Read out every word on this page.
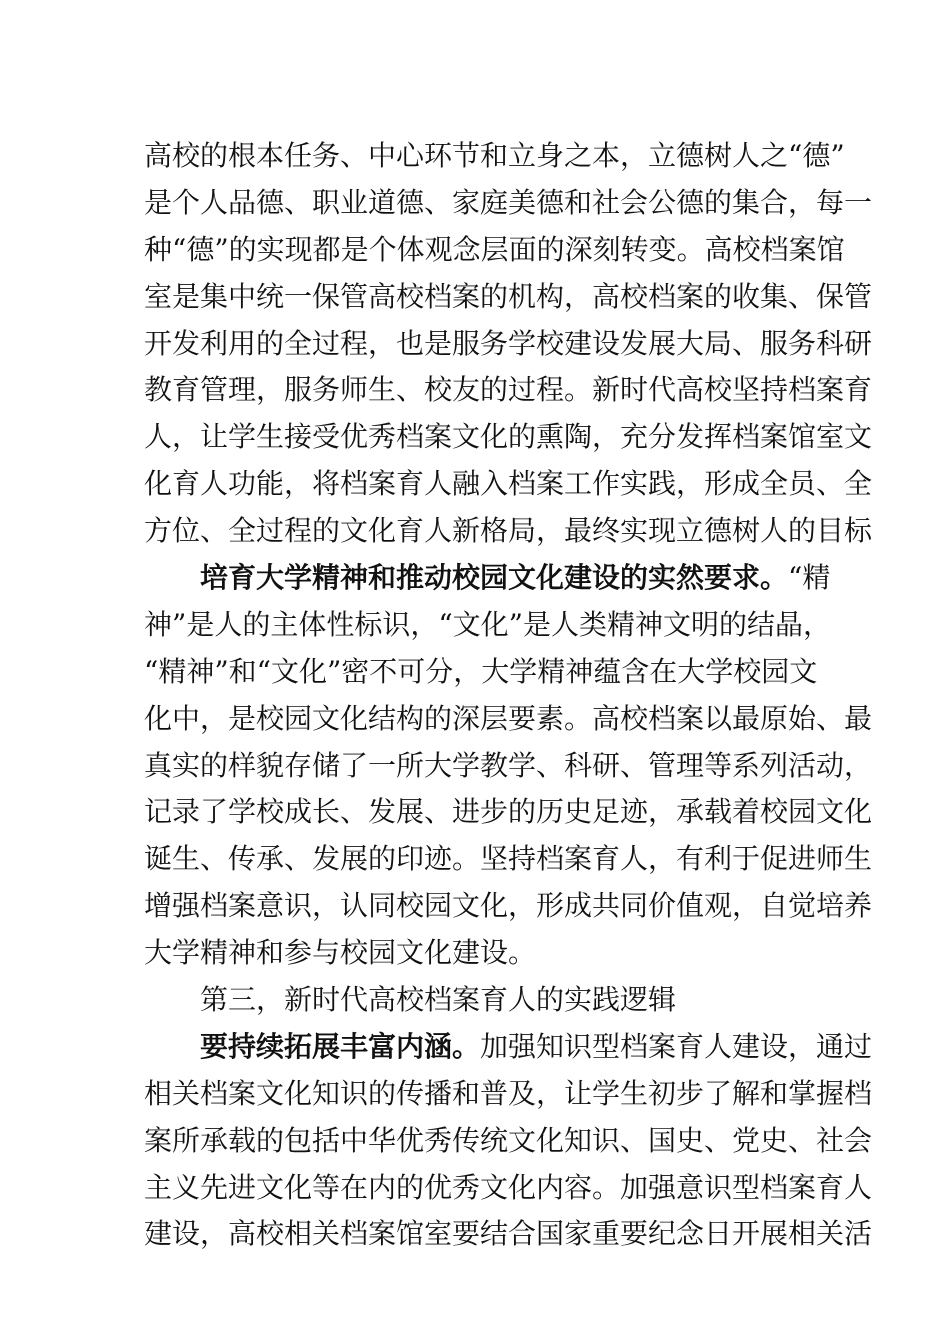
高校的根本任务、中心环节和立身之本，立德树人之“德”
是个人品德、职业道德、家庭美德和社会公德的集合，每一
种“德”的实现都是个体观念层面的深刻转变。高校档案馆
室是集中统一保管高校档案的机构，高校档案的收集、保管
开发利用的全过程，也是服务学校建设发展大局、服务科研
教育管理，服务师生、校友的过程。新时代高校坚持档案育
人，让学生接受优秀档案文化的熏陶，充分发挥档案馆室文
化育人功能，将档案育人融入档案工作实践，形成全员、全
方位、全过程的文化育人新格局，最终实现立德树人的目标
培育大学精神和推动校园文化建设的实然要求。“精
神”是人的主体性标识，“文化”是人类精神文明的结晶，
“精神”和“文化”密不可分，大学精神蕴含在大学校园文
化中，是校园文化结构的深层要素。高校档案以最原始、最
真实的样貌存储了一所大学教学、科研、管理等系列活动，
记录了学校成长、发展、进步的历史足迹，承载着校园文化
诞生、传承、发展的印迹。坚持档案育人，有利于促进师生
增强档案意识，认同校园文化，形成共同价值观，自觉培养
大学精神和参与校园文化建设。
第三，新时代高校档案育人的实践逻辑
要持续拓展丰富内涵。加强知识型档案育人建设，通过
相关档案文化知识的传播和普及，让学生初步了解和掌握档
案所承载的包括中华优秀传统文化知识、国史、党史、社会
主义先进文化等在内的优秀文化内容。加强意识型档案育人
建设，高校相关档案馆室要结合国家重要纪念日开展相关活
